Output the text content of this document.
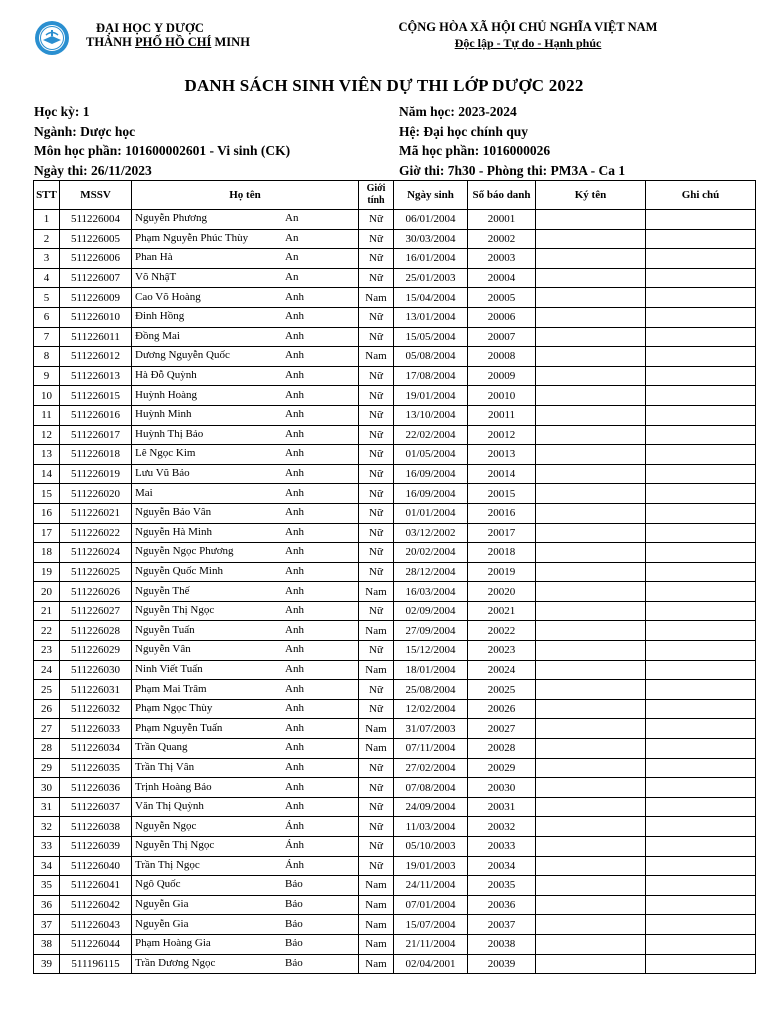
ĐẠI HỌC Y DƯỢC
THÀNH PHỐ HỒ CHÍ MINH
CỘNG HÒA XÃ HỘI CHỦ NGHĨA VIỆT NAM
Độc lập - Tự do - Hạnh phúc
DANH SÁCH SINH VIÊN DỰ THI LỚP DƯỢC 2022
Học kỳ: 1	Năm học: 2023-2024
Ngành: Dược học	Hệ: Đại học chính quy
Môn học phần: 101600002601 - Vi sinh (CK)	Mã học phần: 1016000026
Ngày thi: 26/11/2023	Giờ thi: 7h30 - Phòng thi: PM3A - Ca 1
STT	MSSV	Họ tên	Giới tính	Ngày sinh	Số báo danh	Ký tên	Ghi chú
1	511226004	Nguyễn Phương An	Nữ	06/01/2004	20001		
2	511226005	Phạm Nguyễn Phúc Thùy An	Nữ	30/03/2004	20002		
3	511226006	Phan Hà An	Nữ	16/01/2004	20003		
4	511226007	Võ NhậT An	Nữ	25/01/2003	20004		
5	511226009	Cao Võ Hoàng Anh	Nam	15/04/2004	20005		
6	511226010	Đinh Hồng Anh	Nữ	13/01/2004	20006		
7	511226011	Đồng Mai Anh	Nữ	15/05/2004	20007		
8	511226012	Dương Nguyễn Quốc Anh	Nam	05/08/2004	20008		
9	511226013	Hà Đỗ Quỳnh Anh	Nữ	17/08/2004	20009		
10	511226015	Huỳnh Hoàng Anh	Nữ	19/01/2004	20010		
11	511226016	Huỳnh Minh Anh	Nữ	13/10/2004	20011		
12	511226017	Huỳnh Thị Bảo Anh	Nữ	22/02/2004	20012		
13	511226018	Lê Ngọc Kim Anh	Nữ	01/05/2004	20013		
14	511226019	Lưu Vũ Bảo Anh	Nữ	16/09/2004	20014		
15	511226020	Mai Anh	Nữ	16/09/2004	20015		
16	511226021	Nguyễn Bảo Vân Anh	Nữ	01/01/2004	20016		
17	511226022	Nguyễn Hà Minh Anh	Nữ	03/12/2002	20017		
18	511226024	Nguyễn Ngọc Phương Anh	Nữ	20/02/2004	20018		
19	511226025	Nguyễn Quốc Minh Anh	Nữ	28/12/2004	20019		
20	511226026	Nguyễn Thế Anh	Nam	16/03/2004	20020		
21	511226027	Nguyễn Thị Ngọc Anh	Nữ	02/09/2004	20021		
22	511226028	Nguyễn Tuấn Anh	Nam	27/09/2004	20022		
23	511226029	Nguyễn Vân Anh	Nữ	15/12/2004	20023		
24	511226030	Ninh Viết Tuấn Anh	Nam	18/01/2004	20024		
25	511226031	Phạm Mai Trâm Anh	Nữ	25/08/2004	20025		
26	511226032	Phạm Ngọc Thùy Anh	Nữ	12/02/2004	20026		
27	511226033	Phạm Nguyễn Tuấn Anh	Nam	31/07/2003	20027		
28	511226034	Trần Quang Anh	Nam	07/11/2004	20028		
29	511226035	Trần Thị Vân Anh	Nữ	27/02/2004	20029		
30	511226036	Trịnh Hoàng Bảo Anh	Nữ	07/08/2004	20030		
31	511226037	Văn Thị Quỳnh Anh	Nữ	24/09/2004	20031		
32	511226038	Nguyễn Ngọc Ánh	Nữ	11/03/2004	20032		
33	511226039	Nguyễn Thị Ngọc Ánh	Nữ	05/10/2003	20033		
34	511226040	Trần Thị Ngọc Ánh	Nữ	19/01/2003	20034		
35	511226041	Ngô Quốc Bảo	Nam	24/11/2004	20035		
36	511226042	Nguyễn Gia Bảo	Nam	07/01/2004	20036		
37	511226043	Nguyễn Gia Bảo	Nam	15/07/2004	20037		
38	511226044	Phạm Hoàng Gia Bảo	Nam	21/11/2004	20038		
39	511196115	Trần Dương Ngọc Bảo	Nam	02/04/2001	20039		
